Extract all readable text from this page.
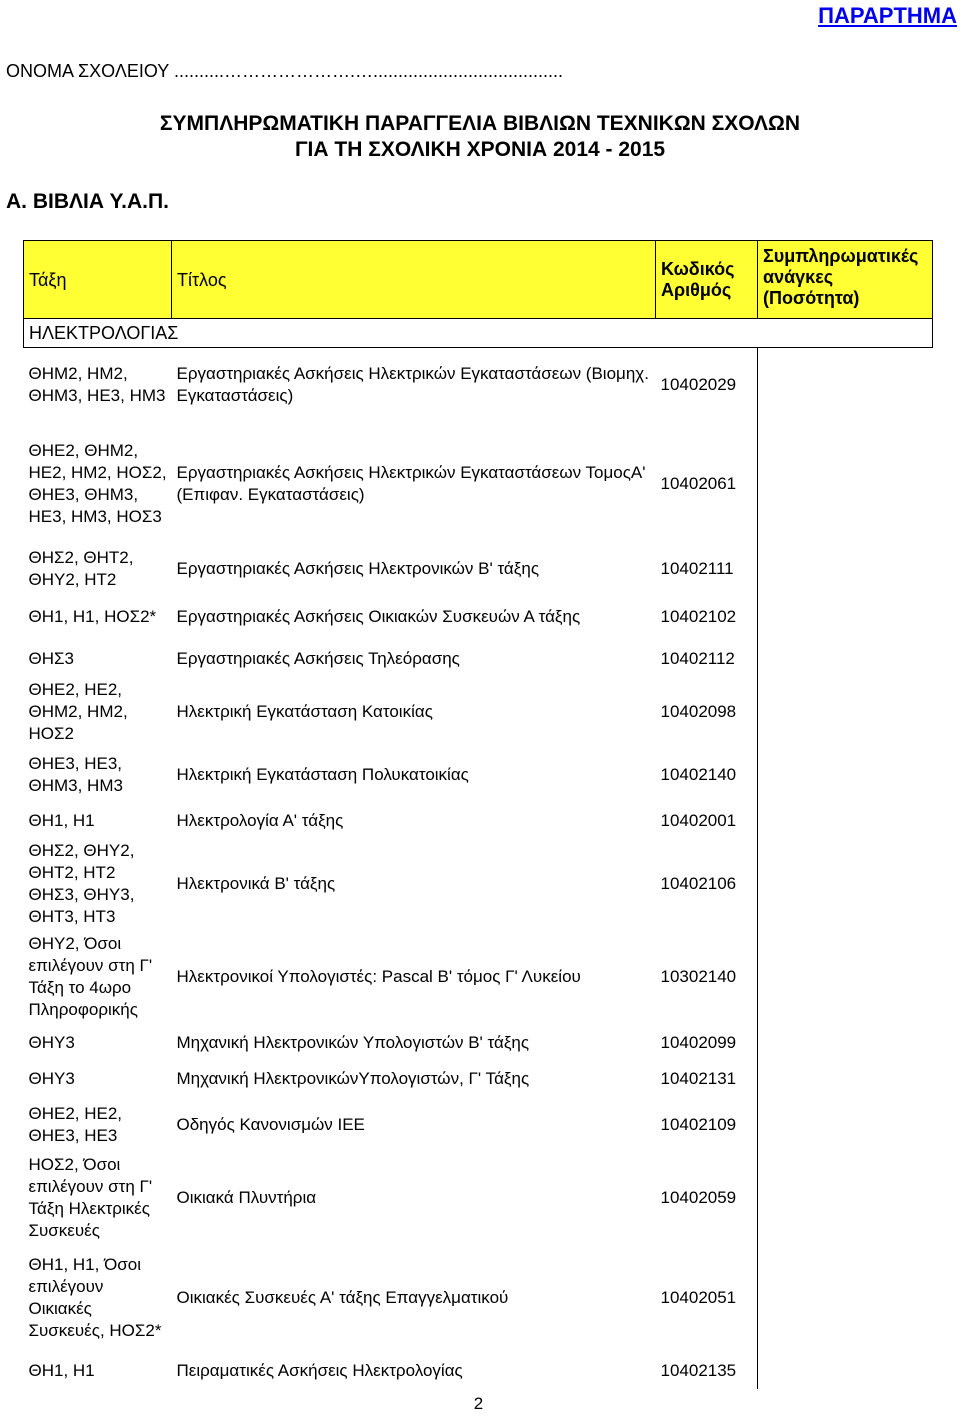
ΠΑΡΑΡΤΗΜΑ
ΟΝΟΜΑ ΣΧΟΛΕΙΟΥ ..........………………….…......................................
ΣΥΜΠΛΗΡΩΜΑΤΙΚΗ ΠΑΡΑΓΓΕΛΙΑ ΒΙΒΛΙΩΝ ΤΕΧΝΙΚΩΝ ΣΧΟΛΩΝ
ΓΙΑ ΤΗ ΣΧΟΛΙΚΗ ΧΡΟΝΙΑ 2014 - 2015
Α. ΒΙΒΛΙΑ Υ.Α.Π.
Τάξη	Τίτλος	Κωδικός Αριθμός	Συμπληρωματικές ανάγκες (Ποσότητα)
ΗΛΕΚΤΡΟΛΟΓΙΑΣ			
ΘΗΜ2, ΗΜ2, ΘΗΜ3, ΗΕ3, ΗΜ3	Εργαστηριακές Ασκήσεις Ηλεκτρικών Εγκαταστάσεων (Βιομηχ. Εγκαταστάσεις)	10402029	
ΘΗΕ2, ΘΗΜ2, ΗΕ2, ΗΜ2, ΗΟΣ2, ΘΗΕ3, ΘΗΜ3, ΗΕ3, ΗΜ3, ΗΟΣ3	Εργαστηριακές Ασκήσεις Ηλεκτρικών Εγκαταστάσεων ΤομοςΑ' (Επιφαν. Εγκαταστάσεις)	10402061	
ΘΗΣ2, ΘΗΤ2, ΘΗΥ2, ΗΤ2	Εργαστηριακές Ασκήσεις Ηλεκτρονικών Β' τάξης	10402111	
ΘΗ1, Η1, ΗΟΣ2*	Εργαστηριακές Ασκήσεις Οικιακών Συσκευών Α τάξης	10402102	
ΘΗΣ3	Εργαστηριακές Ασκήσεις Τηλεόρασης	10402112	
ΘΗΕ2, ΗΕ2, ΘΗΜ2, ΗΜ2, ΗΟΣ2	Ηλεκτρική Εγκατάσταση Κατοικίας	10402098	
ΘΗΕ3, ΗΕ3, ΘΗΜ3, ΗΜ3	Ηλεκτρική Εγκατάσταση Πολυκατοικίας	10402140	
ΘΗ1, Η1	Ηλεκτρολογία Α' τάξης	10402001	
ΘΗΣ2, ΘΗΥ2, ΘΗΤ2, ΗΤ2 ΘΗΣ3, ΘΗΥ3, ΘΗΤ3, ΗΤ3	Ηλεκτρονικά Β' τάξης	10402106	
ΘΗΥ2, Όσοι επιλέγουν στη Γ' Τάξη το 4ωρο Πληροφορικής	Ηλεκτρονικοί Υπολογιστές: Pascal Β' τόμος Γ' Λυκείου	10302140	
ΘΗΥ3	Μηχανική Ηλεκτρονικών Υπολογιστών Β' τάξης	10402099	
ΘΗΥ3	Μηχανική ΗλεκτρονικώνΥπολογιστών, Γ' Τάξης	10402131	
ΘΗΕ2, ΗΕ2, ΘΗΕ3, ΗΕ3	Οδηγός Κανονισμών ΙΕΕ	10402109	
ΗΟΣ2, Όσοι επιλέγουν στη Γ' Τάξη Ηλεκτρικές Συσκευές	Οικιακά Πλυντήρια	10402059	
ΘΗ1, Η1, Όσοι επιλέγουν Οικιακές Συσκευές, ΗΟΣ2*	Οικιακές Συσκευές Α' τάξης Επαγγελματικού	10402051	
ΘΗ1, Η1	Πειραματικές Ασκήσεις Ηλεκτρολογίας	10402135	
2			
